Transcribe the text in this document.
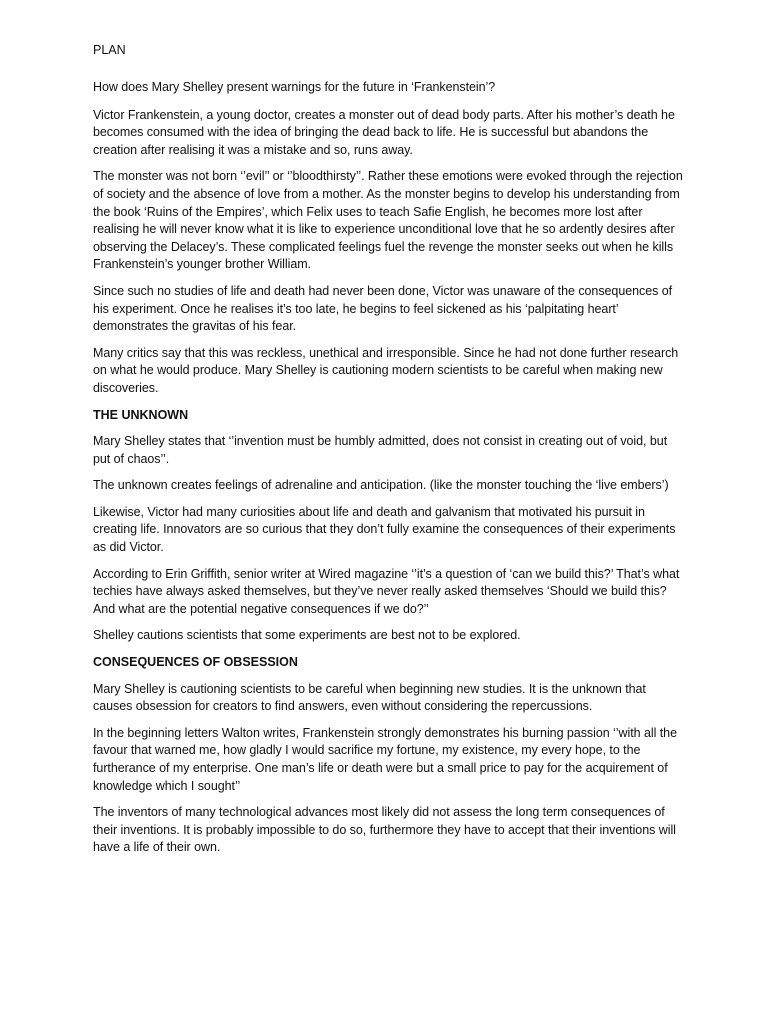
PLAN

How does Mary Shelley present warnings for the future in ‘Frankenstein’?

Victor Frankenstein, a young doctor, creates a monster out of dead body parts. After his mother’s death he becomes consumed with the idea of bringing the dead back to life. He is successful but abandons the creation after realising it was a mistake and so, runs away.

The monster was not born ‘’evil’’ or ‘’bloodthirsty’’. Rather these emotions were evoked through the rejection of society and the absence of love from a mother. As the monster begins to develop his understanding from the book ‘Ruins of the Empires’, which Felix uses to teach Safie English, he becomes more lost after realising he will never know what it is like to experience unconditional love that he so ardently desires after observing the Delacey’s. These complicated feelings fuel the revenge the monster seeks out when he kills Frankenstein’s younger brother William.

Since such no studies of life and death had never been done, Victor was unaware of the consequences of his experiment. Once he realises it’s too late, he begins to feel sickened as his ‘palpitating heart’ demonstrates the gravitas of his fear.

Many critics say that this was reckless, unethical and irresponsible. Since he had not done further research on what he would produce. Mary Shelley is cautioning modern scientists to be careful when making new discoveries.

THE UNKNOWN

Mary Shelley states that ‘’invention must be humbly admitted, does not consist in creating out of void, but put of chaos’’.

The unknown creates feelings of adrenaline and anticipation. (like the monster touching the ‘live embers’)

Likewise, Victor had many curiosities about life and death and galvanism that motivated his pursuit in creating life. Innovators are so curious that they don’t fully examine the consequences of their experiments as did Victor.

According to Erin Griffith, senior writer at Wired magazine ‘’it’s a question of ‘can we build this?’ That’s what techies have always asked themselves, but they’ve never really asked themselves ‘Should we build this? And what are the potential negative consequences if we do?’’

Shelley cautions scientists that some experiments are best not to be explored.

CONSEQUENCES OF OBSESSION

Mary Shelley is cautioning scientists to be careful when beginning new studies. It is the unknown that causes obsession for creators to find answers, even without considering the repercussions.

In the beginning letters Walton writes, Frankenstein strongly demonstrates his burning passion ‘’with all the favour that warned me, how gladly I would sacrifice my fortune, my existence, my every hope, to the furtherance of my enterprise. One man’s life or death were but a small price to pay for the acquirement of knowledge which I sought’’

The inventors of many technological advances most likely did not assess the long term consequences of their inventions. It is probably impossible to do so, furthermore they have to accept that their inventions will have a life of their own.
